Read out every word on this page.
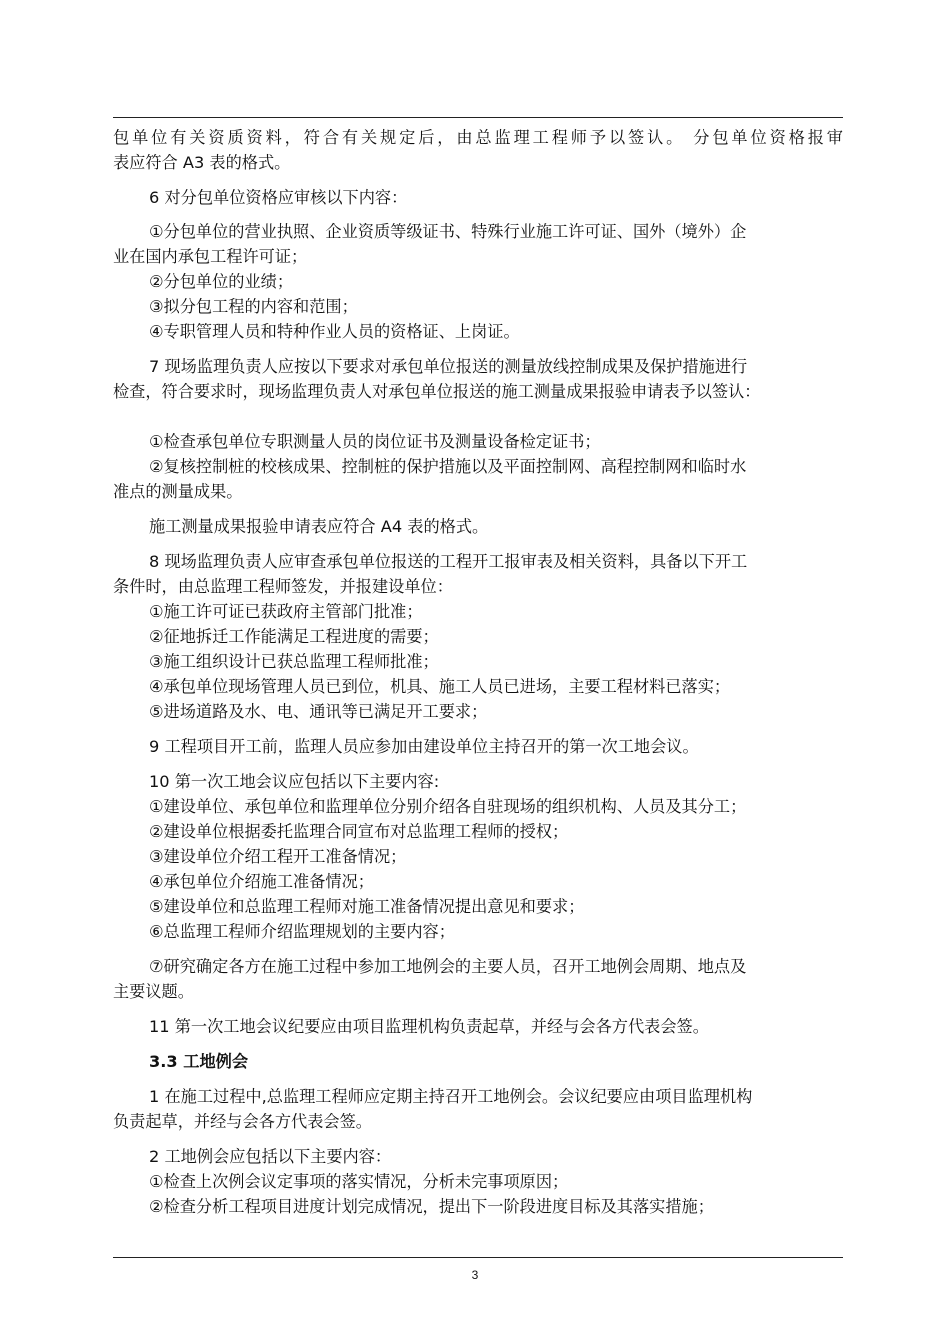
包单位有关资质资料，符合有关规定后，由总监理工程师予以签认。 分包单位资格报审
表应符合 A3 表的格式。
6 对分包单位资格应审核以下内容：
①分包单位的营业执照、企业资质等级证书、特殊行业施工许可证、国外（境外）企
业在国内承包工程许可证；
②分包单位的业绩；
③拟分包工程的内容和范围；
④专职管理人员和特种作业人员的资格证、上岗证。
7 现场监理负责人应按以下要求对承包单位报送的测量放线控制成果及保护措施进行
检查，符合要求时，现场监理负责人对承包单位报送的施工测量成果报验申请表予以签认：
①检查承包单位专职测量人员的岗位证书及测量设备检定证书；
②复核控制桩的校核成果、控制桩的保护措施以及平面控制网、高程控制网和临时水
准点的测量成果。
施工测量成果报验申请表应符合 A4 表的格式。
8 现场监理负责人应审查承包单位报送的工程开工报审表及相关资料，具备以下开工
条件时，由总监理工程师签发，并报建设单位：
①施工许可证已获政府主管部门批准；
②征地拆迁工作能满足工程进度的需要；
③施工组织设计已获总监理工程师批准；
④承包单位现场管理人员已到位，机具、施工人员已进场，主要工程材料已落实；
⑤进场道路及水、电、通讯等已满足开工要求；
9 工程项目开工前，监理人员应参加由建设单位主持召开的第一次工地会议。
10 第一次工地会议应包括以下主要内容:
①建设单位、承包单位和监理单位分别介绍各自驻现场的组织机构、人员及其分工；
②建设单位根据委托监理合同宣布对总监理工程师的授权；
③建设单位介绍工程开工准备情况；
④承包单位介绍施工准备情况；
⑤建设单位和总监理工程师对施工准备情况提出意见和要求；
⑥总监理工程师介绍监理规划的主要内容；
⑦研究确定各方在施工过程中参加工地例会的主要人员，召开工地例会周期、地点及
主要议题。
11 第一次工地会议纪要应由项目监理机构负责起草，并经与会各方代表会签。
3.3 工地例会
1 在施工过程中,总监理工程师应定期主持召开工地例会。会议纪要应由项目监理机构
负责起草，并经与会各方代表会签。
2 工地例会应包括以下主要内容：
①检查上次例会议定事项的落实情况，分析未完事项原因；
②检查分析工程项目进度计划完成情况，提出下一阶段进度目标及其落实措施；
3
